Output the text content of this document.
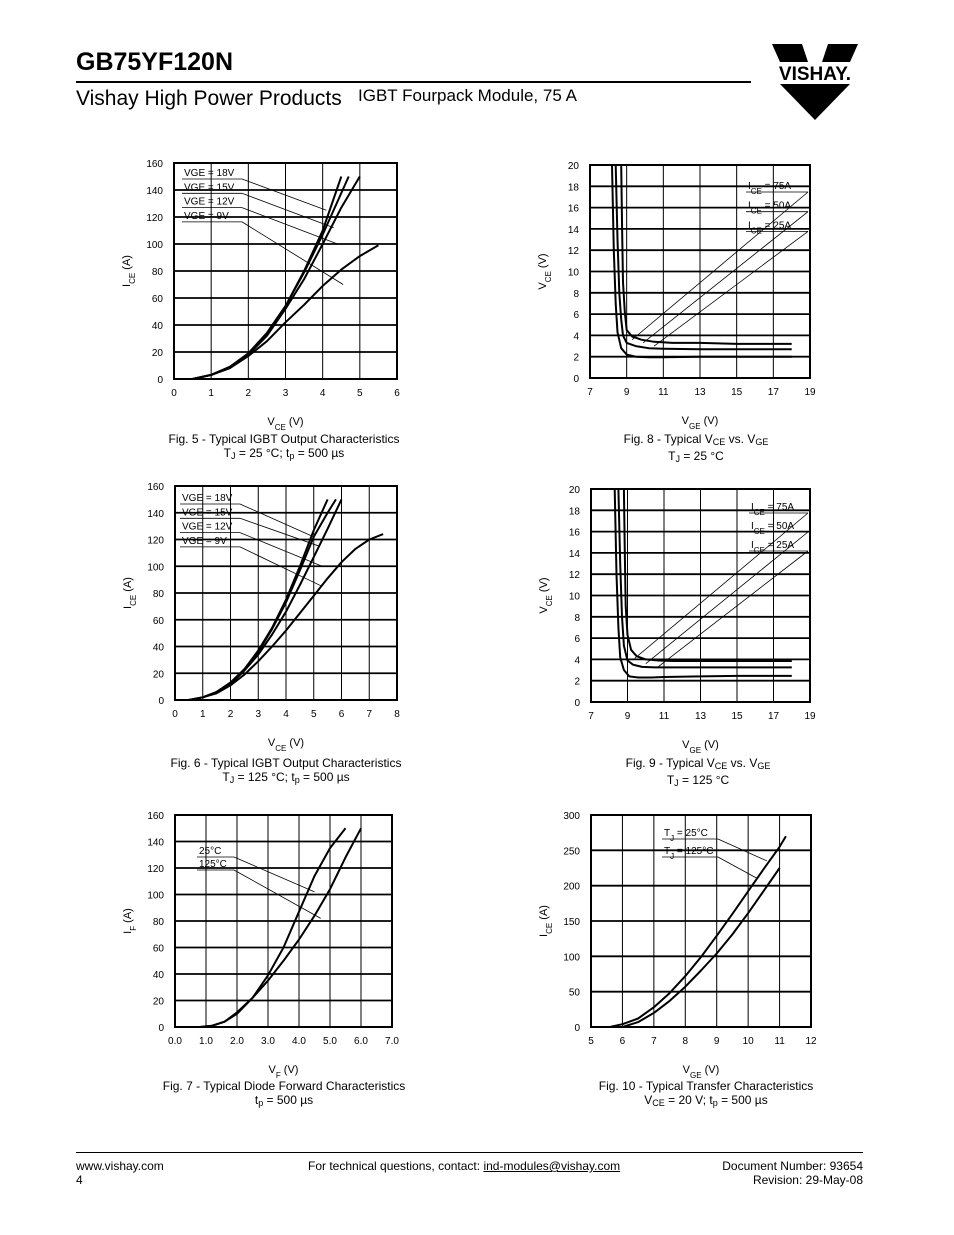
GB75YF120N
Vishay High Power Products IGBT Fourpack Module, 75 A
VISHAY.
0	1	2	3	4	5	6
0
20
40
60
80
100
120
140
160
$V_{CE}$ (V)
$I_{CE}$ (A)
VGE = 18V
VGE = 15V
VGE = 12V
VGE = 9V
7	9	11	13	15	17	19
0
2
4
6
8
10
12
14
16
18
20
$V_{GE}$ (V)
$V_{CE}$ (V)
$I_{CE} = 75A$
$I_{CE} = 50A$
$I_{CE} = 25A$
0 1 2 3 4 5 6 7 8
0
20
40
60
80
100
120
140
160
$V_{CE}$ (V)
$I_{CE}$ (A)
VGE = 18V
VGE = 15V
VGE = 12V
VGE = 9V
7	9	11	13	15	17	19
0
2
4
6
8
10
12
14
16
18
20
$V_{GE}$ (V)
$V_{CE}$ (V)
$I_{CE} = 75A$
$I_{CE} = 50A$
$I_{CE} = 25A$
0.0 1.0 2.0 3.0 4.0 5.0 6.0 7.0
0
20
40
60
80
100
120
140
160
$V_F$ (V)
$I_F$ (A)
25°C
125°C
5	6	7	8	9 10 11 12
0
50
100
150
200
250
300
$V_{GE}$ (V)
$I_{CE}$ (A)
$T_J = 25^\circ C$
$T_J = 125^\circ C$
Fig. 5 - Typical IGBT Output Characteristics
$T_J = 25$ °C; $t_p = 500$ µs
Fig. 8 - Typical $V_{CE}$ vs. $V_{GE}$
$T_J = 25$ °C
Fig. 6 - Typical IGBT Output Characteristics
$T_J = 125$ °C; $t_p = 500$ µs
Fig. 9 - Typical $V_{CE}$ vs. $V_{GE}$
$T_J = 125$ °C
Fig. 7 - Typical Diode Forward Characteristics
$t_p = 500$ µs
Fig. 10 - Typical Transfer Characteristics
$V_{CE} = 20$ V; $t_p = 500$ µs
www.vishay.com
4
For technical questions, contact: ind-modules@vishay.com	Document Number: 93654
Revision: 29-May-08
